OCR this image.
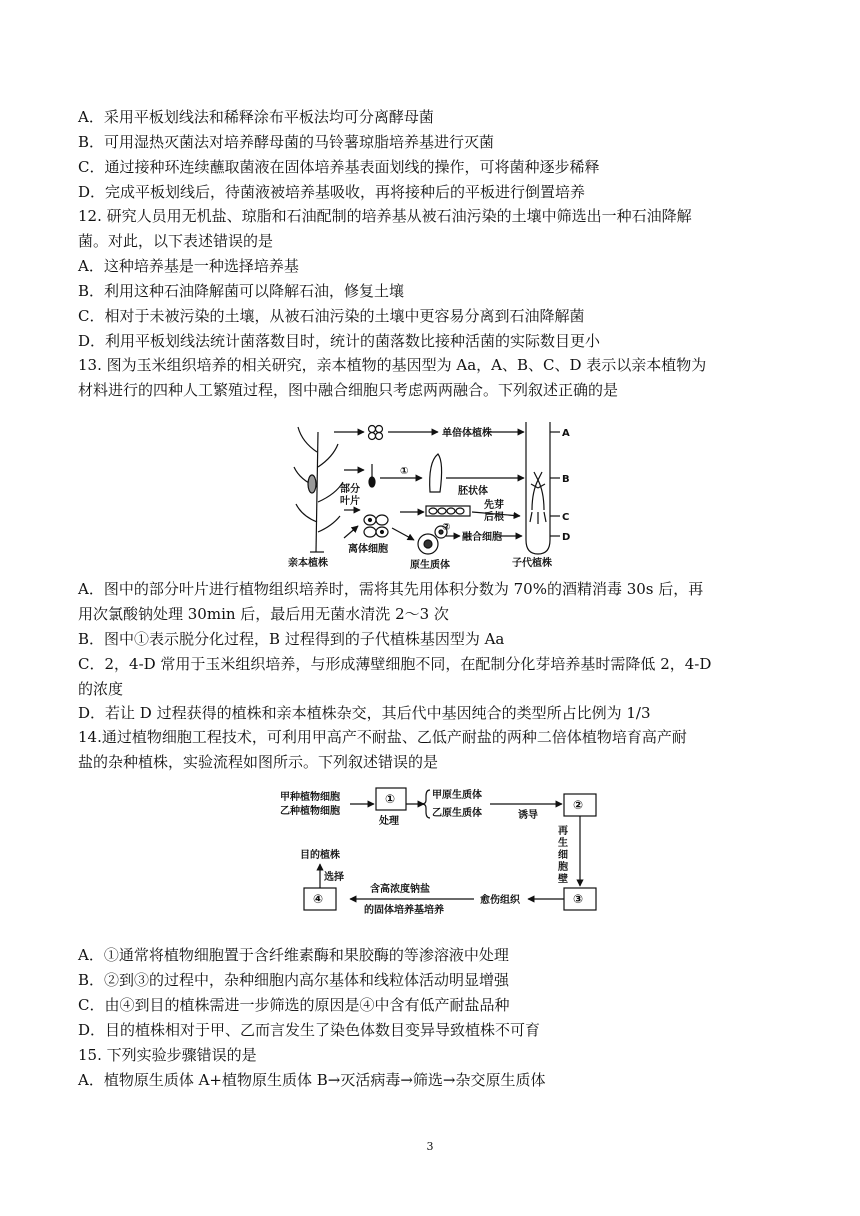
A．采用平板划线法和稀释涂布平板法均可分离酵母菌
B．可用湿热灭菌法对培养酵母菌的马铃薯琼脂培养基进行灭菌
C．通过接种环连续蘸取菌液在固体培养基表面划线的操作，可将菌种逐步稀释
D．完成平板划线后，待菌液被培养基吸收，再将接种后的平板进行倒置培养
12. 研究人员用无机盐、琼脂和石油配制的培养基从被石油污染的土壤中筛选出一种石油降解
菌。对此，以下表述错误的是
A．这种培养基是一种选择培养基
B．利用这种石油降解菌可以降解石油，修复土壤
C．相对于未被污染的土壤，从被石油污染的土壤中更容易分离到石油降解菌
D．利用平板划线法统计菌落数目时，统计的菌落数比接种活菌的实际数目更小
13. 图为玉米组织培养的相关研究，亲本植物的基因型为 Aa，A、B、C、D 表示以亲本植物为
材料进行的四种人工繁殖过程，图中融合细胞只考虑两两融合。下列叙述正确的是
单倍体植株
①
胚状体
部分
叶片	先芽
后根
②
离体细胞
融合细胞
亲本植株	原生质体	子代植株
A
B
C
D
A．图中的部分叶片进行植物组织培养时，需将其先用体积分数为 70%的酒精消毒 30s 后，再
用次氯酸钠处理 30min 后，最后用无菌水清洗 2～3 次
B．图中①表示脱分化过程，B 过程得到的子代植株基因型为 Aa
C．2，4-D 常用于玉米组织培养，与形成薄壁细胞不同，在配制分化芽培养基时需降低 2，4-D
的浓度
D．若让 D 过程获得的植株和亲本植株杂交，其后代中基因纯合的类型所占比例为 1/3
14.通过植物细胞工程技术，可利用甲高产不耐盐、乙低产耐盐的两种二倍体植物培育高产耐
盐的杂种植株，实验流程如图所示。下列叙述错误的是
甲种植物细胞
乙种植物细胞
①
处理
甲原生质体
乙原生质体	诱导
②
再
生
细
胞
壁
③
愈伤组织
含高浓度钠盐
的固体培养基培养
④
选择
目的植株
A．①通常将植物细胞置于含纤维素酶和果胶酶的等渗溶液中处理
B．②到③的过程中，杂种细胞内高尔基体和线粒体活动明显增强
C．由④到目的植株需进一步筛选的原因是④中含有低产耐盐品种
D．目的植株相对于甲、乙而言发生了染色体数目变异导致植株不可育
15. 下列实验步骤错误的是
A．植物原生质体 A+植物原生质体 B→灭活病毒→筛选→杂交原生质体
3
